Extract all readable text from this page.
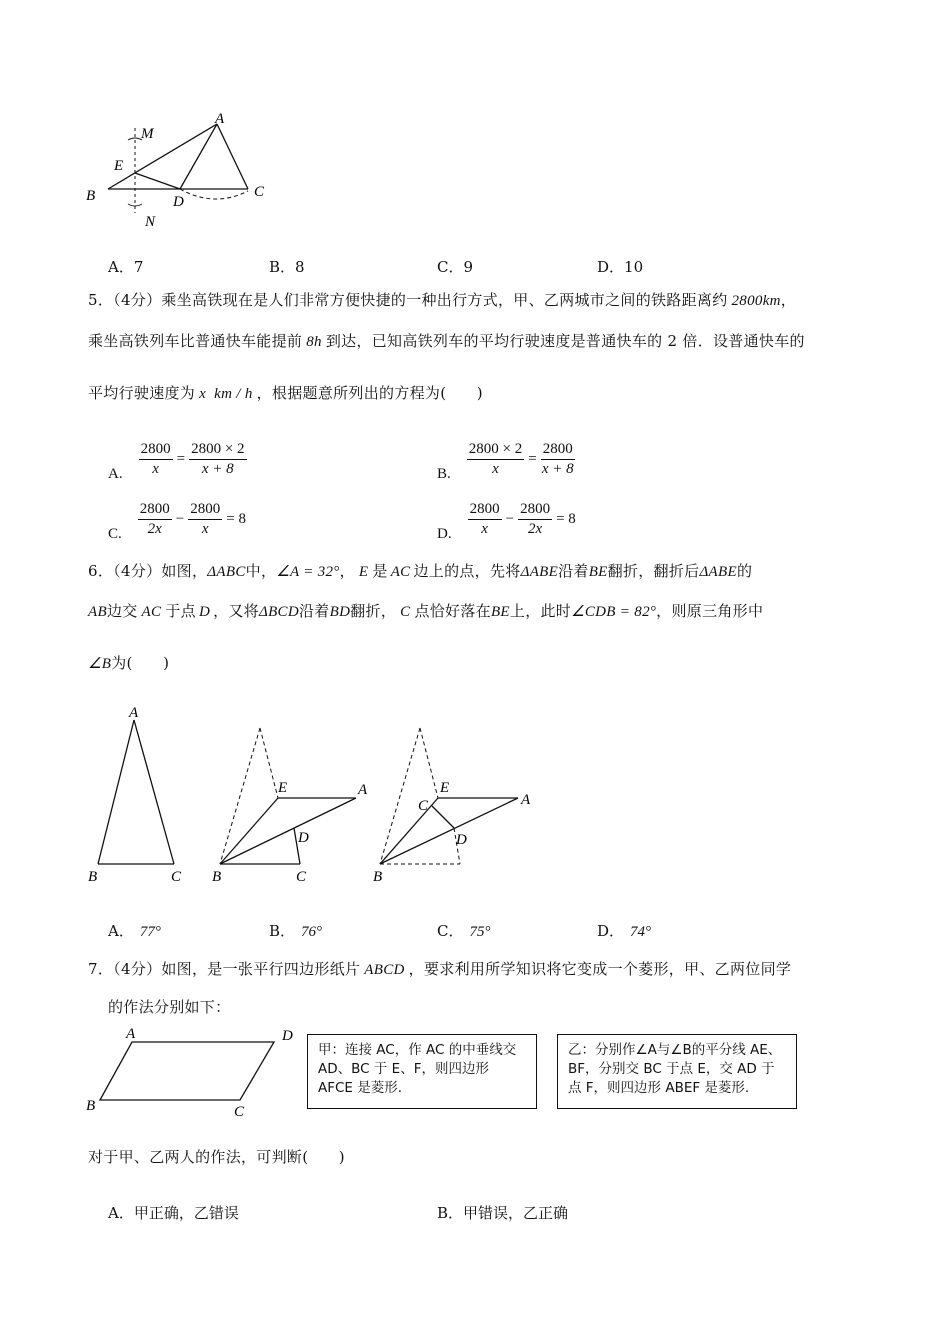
A
M
E
B	D
C
N
A．7	B．8	C．9	D．10
5．（4分）乘坐高铁现在是人们非常方便快捷的一种出行方式，甲、乙两城市之间的铁路距离约 2800km，
乘坐高铁列车比普通快车能提前 8h 到达，已知高铁列车的平均行驶速度是普通快车的 2 倍．设普通快车的
平均行驶速度为 x  km / h ，根据题意所列出的方程为(      )
A. $\frac{2800}{x} = \frac{2800 \times 2}{x + 8}$	B. $\frac{2800 \times 2}{x} = \frac{2800}{x + 8}$
C. $\frac{2800}{2x} - \frac{2800}{x} = 8$
D. $\frac{2800}{x} - \frac{2800}{2x} = 8$
6．（4分）如图，ΔABC中，∠A = 32°， E 是 AC 边上的点，先将ΔABE沿着BE翻折，翻折后ΔABE的
AB边交 AC 于点 D ，又将ΔBCD沿着BD翻折， C 点恰好落在BE上，此时∠CDB = 82°，则原三角形中
∠B为(      )
A
B	C
E	A
D
B	C
C
E
A
D
B
A． 77°	B． 76°	C． 75°	D． 74°
7．（4分）如图，是一张平行四边形纸片 ABCD ，要求利用所学知识将它变成一个菱形，甲、乙两位同学
的作法分别如下：
A	D
B	C
甲：连接 AC，作 AC 的中垂线交 AD、BC 于 E、F，则四边形 AFCE 是菱形.
乙：分别作∠A与∠B的平分线 AE、BF，分别交 BC 于点 E，交 AD 于点 F，则四边形 ABEF 是菱形.
对于甲、乙两人的作法，可判断(      )
A．甲正确，乙错误	B．甲错误，乙正确
